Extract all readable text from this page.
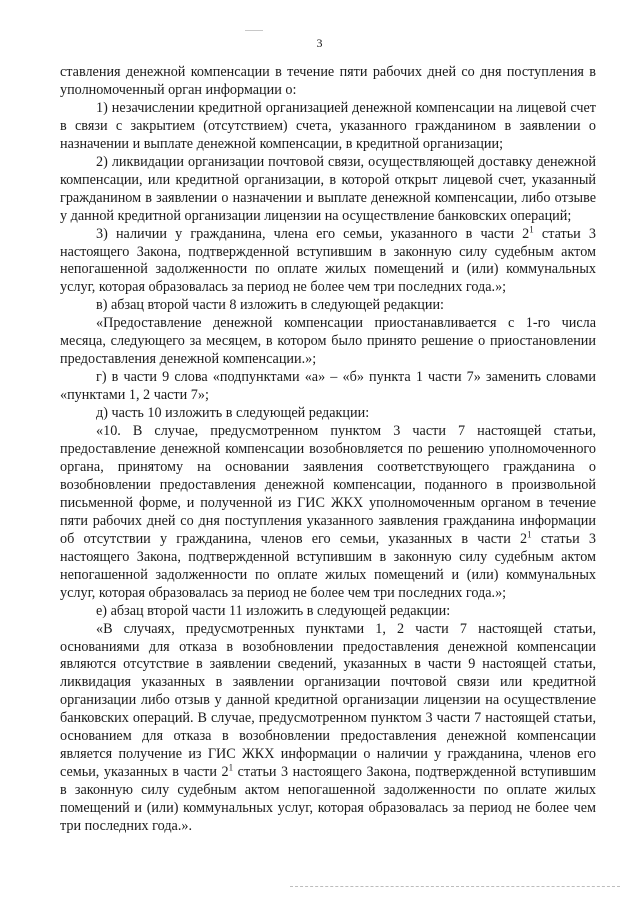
3

ставления денежной компенсации в течение пяти рабочих дней со дня поступления в уполномоченный орган информации о:

1) незачислении кредитной организацией денежной компенсации на лицевой счет в связи с закрытием (отсутствием) счета, указанного гражданином в заявлении о назначении и выплате денежной компенсации, в кредитной организации;

2) ликвидации организации почтовой связи, осуществляющей доставку денежной компенсации, или кредитной организации, в которой открыт лицевой счет, указанный гражданином в заявлении о назначении и выплате денежной компенсации, либо отзыве у данной кредитной организации лицензии на осуществление банковских операций;

3) наличии у гражданина, члена его семьи, указанного в части $2^1$ статьи 3 настоящего Закона, подтвержденной вступившим в законную силу судебным актом непогашенной задолженности по оплате жилых помещений и (или) коммунальных услуг, которая образовалась за период не более чем три последних года.»;

в) абзац второй части 8 изложить в следующей редакции:

«Предоставление денежной компенсации приостанавливается с 1-го числа месяца, следующего за месяцем, в котором было принято решение о приостановлении предоставления денежной компенсации.»;

г) в части 9 слова «подпунктами «а» – «б» пункта 1 части 7» заменить словами «пунктами 1, 2 части 7»;

д) часть 10 изложить в следующей редакции:

«10. В случае, предусмотренном пунктом 3 части 7 настоящей статьи, предоставление денежной компенсации возобновляется по решению уполномоченного органа, принятому на основании заявления соответствующего гражданина о возобновлении предоставления денежной компенсации, поданного в произвольной письменной форме, и полученной из ГИС ЖКХ уполномоченным органом в течение пяти рабочих дней со дня поступления указанного заявления гражданина информации об отсутствии у гражданина, членов его семьи, указанных в части $2^1$ статьи 3 настоящего Закона, подтвержденной вступившим в законную силу судебным актом непогашенной задолженности по оплате жилых помещений и (или) коммунальных услуг, которая образовалась за период не более чем три последних года.»;

е) абзац второй части 11 изложить в следующей редакции:

«В случаях, предусмотренных пунктами 1, 2 части 7 настоящей статьи, основаниями для отказа в возобновлении предоставления денежной компенсации являются отсутствие в заявлении сведений, указанных в части 9 настоящей статьи, ликвидация указанных в заявлении организации почтовой связи или кредитной организации либо отзыв у данной кредитной организации лицензии на осуществление банковских операций. В случае, предусмотренном пунктом 3 части 7 настоящей статьи, основанием для отказа в возобновлении предоставления денежной компенсации является получение из ГИС ЖКХ информации о наличии у гражданина, членов его семьи, указанных в части $2^1$ статьи 3 настоящего Закона, подтвержденной вступившим в законную силу судебным актом непогашенной задолженности по оплате жилых помещений и (или) коммунальных услуг, которая образовалась за период не более чем три последних года.».
